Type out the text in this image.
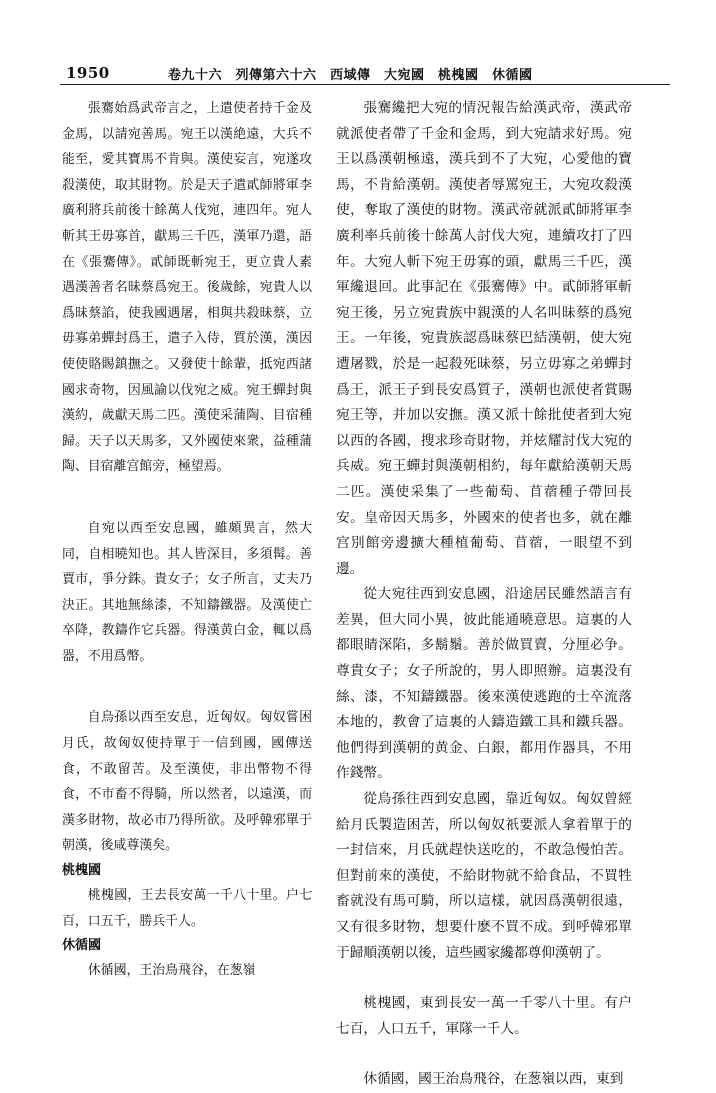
1950	卷九十六　列傳第六十六　西域傳　大宛國　桃槐國　休循國
張騫始爲武帝言之，上遣使者持千金及金馬，以請宛善馬。宛王以漢絶遠，大兵不能至，愛其寶馬不肯與。漢使妄言，宛遂攻殺漢使，取其財物。於是天子遣貳師將軍李廣利將兵前後十餘萬人伐宛，連四年。宛人斬其王毋寡首，獻馬三千匹，漢軍乃還，語在《張騫傳》。貳師既斬宛王，更立貴人素遇漢善者名昧蔡爲宛王。後歲餘，宛貴人以爲昧蔡諂，使我國遇屠，相與共殺昧蔡，立毋寡弟蟬封爲王，遣子入侍，質於漢，漢因使使賂賜鎮撫之。又發使十餘輩，抵宛西諸國求奇物，因風諭以伐宛之威。宛王蟬封與漢約，歲獻天馬二匹。漢使采蒲陶、目宿種歸。天子以天馬多，又外國使來衆，益種蒲陶、目宿離宫館旁，極望焉。
自宛以西至安息國，雖頗異言，然大同，自相曉知也。其人皆深目，多須髯。善賈市，爭分銖。貴女子；女子所言，丈夫乃決正。其地無絲漆，不知鑄鐵器。及漢使亡卒降，教鑄作它兵器。得漢黄白金，輒以爲器，不用爲幣。
自烏孫以西至安息，近匈奴。匈奴嘗困月氏，故匈奴使持單于一信到國，國傳送食，不敢留苦。及至漢使，非出幣物不得食，不市畜不得騎，所以然者，以遠漢，而漢多財物，故必市乃得所欲。及呼韓邪單于朝漢，後咸尊漢矣。
桃槐國
桃槐國，王去長安萬一千八十里。户七百，口五千，勝兵千人。
休循國
休循國，王治鳥飛谷，在葱嶺
張騫纔把大宛的情況報告給漢武帝，漢武帝就派使者帶了千金和金馬，到大宛請求好馬。宛王以爲漢朝極遠，漢兵到不了大宛，心愛他的寶馬，不肯給漢朝。漢使者辱罵宛王，大宛攻殺漢使，奪取了漢使的財物。漢武帝就派貳師將軍李廣利率兵前後十餘萬人討伐大宛，連續攻打了四年。大宛人斬下宛王毋寡的頭，獻馬三千匹，漢軍纔退回。此事記在《張騫傳》中。貳師將軍斬宛王後，另立宛貴族中親漢的人名叫昧蔡的爲宛王。一年後，宛貴族認爲昧蔡巴結漢朝，使大宛遭屠戮，於是一起殺死昧蔡，另立毋寡之弟蟬封爲王，派王子到長安爲質子，漢朝也派使者賞賜宛王等，并加以安撫。漢又派十餘批使者到大宛以西的各國，搜求珍奇財物，并炫耀討伐大宛的兵威。宛王蟬封與漢朝相約，每年獻給漢朝天馬二匹。漢使采集了一些葡萄、苜蓿種子帶回長安。皇帝因天馬多，外國來的使者也多，就在離宫別館旁邊擴大種植葡萄、苜蓿，一眼望不到邊。
從大宛往西到安息國，沿途居民雖然語言有差異，但大同小異，彼此能通曉意思。這裏的人都眼睛深陷，多鬍鬚。善於做買賣，分厘必争。尊貴女子；女子所說的，男人即照辦。這裏没有絲、漆，不知鑄鐵器。後來漢使逃跑的士卒流落本地的，教會了這裏的人鑄造鐵工具和鐵兵器。他們得到漢朝的黄金、白銀，都用作器具，不用作錢幣。
從烏孫往西到安息國，靠近匈奴。匈奴曾經給月氏製造困苦，所以匈奴祇要派人拿着單于的一封信來，月氏就趕快送吃的，不敢急慢怕苦。但對前來的漢使，不給財物就不給食品，不買牲畜就没有馬可騎，所以這樣，就因爲漢朝很遠，又有很多財物，想要什麽不買不成。到呼韓邪單于歸順漢朝以後，這些國家纔都尊仰漢朝了。
桃槐國，東到長安一萬一千零八十里。有户七百，人口五千，軍隊一千人。
休循國，國王治鳥飛谷，在葱嶺以西，東到
